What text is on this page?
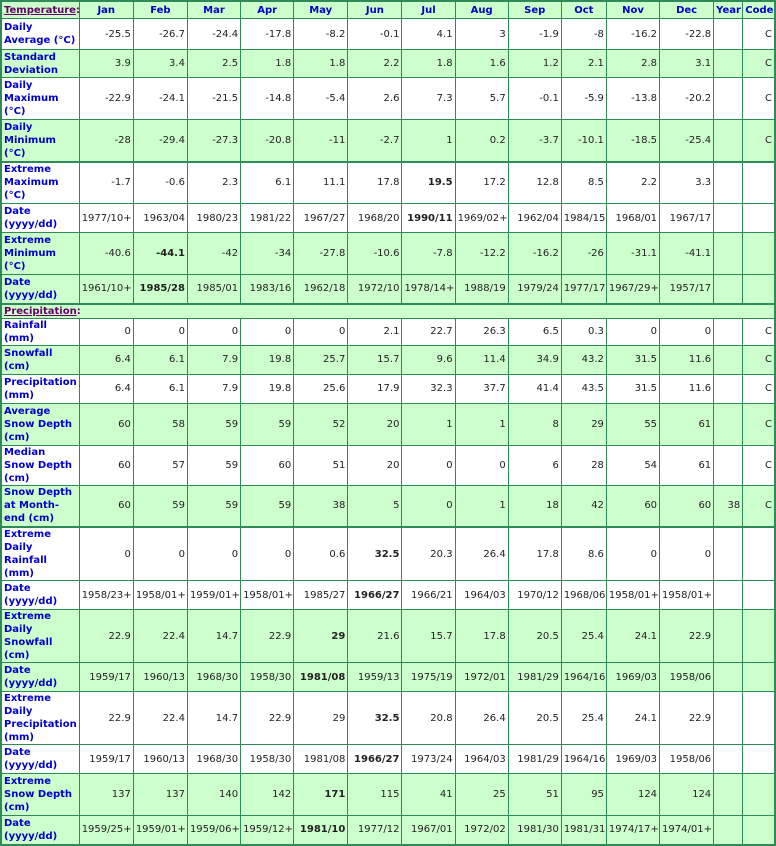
Temperature:	Jan	Feb	Mar	Apr	May	Jun	Jul	Aug	Sep	Oct	Nov	Dec	Year	Code
Daily Average (°C)	-25.5	-26.7	-24.4	-17.8	-8.2	-0.1	4.1	3	-1.9	-8	-16.2	-22.8		C
Standard Deviation	3.9	3.4	2.5	1.8	1.8	2.2	1.8	1.6	1.2	2.1	2.8	3.1		C
Daily Maximum (°C)	-22.9	-24.1	-21.5	-14.8	-5.4	2.6	7.3	5.7	-0.1	-5.9	-13.8	-20.2		C
Daily Minimum (°C)	-28	-29.4	-27.3	-20.8	-11	-2.7	1	0.2	-3.7	-10.1	-18.5	-25.4		C
Extreme Maximum (°C)	-1.7	-0.6	2.3	6.1	11.1	17.8	19.5	17.2	12.8	8.5	2.2	3.3		
Date (yyyy/dd)	1977/10+	1963/04	1980/23	1981/22	1967/27	1968/20	1990/11	1969/02+	1962/04	1984/15	1968/01	1967/17		
Extreme Minimum (°C)	-40.6	-44.1	-42	-34	-27.8	-10.6	-7.8	-12.2	-16.2	-26	-31.1	-41.1		
Date (yyyy/dd)	1961/10+	1985/28	1985/01	1983/16	1962/18	1972/10	1978/14+	1988/19	1979/24	1977/17	1967/29+	1957/17		
Precipitation:														
Rainfall (mm)	0	0	0	0	0	2.1	22.7	26.3	6.5	0.3	0	0		C
Snowfall (cm)	6.4	6.1	7.9	19.8	25.7	15.7	9.6	11.4	34.9	43.2	31.5	11.6		C
Precipitation (mm)	6.4	6.1	7.9	19.8	25.6	17.9	32.3	37.7	41.4	43.5	31.5	11.6		C
Average Snow Depth (cm)	60	58	59	59	52	20	1	1	8	29	55	61		C
Median Snow Depth (cm)	60	57	59	60	51	20	0	0	6	28	54	61		C
Snow Depth at Month-end (cm)	60	59	59	59	38	5	0	1	18	42	60	60	38	C
Extreme Daily Rainfall (mm)	0	0	0	0	0.6	32.5	20.3	26.4	17.8	8.6	0	0		
Date (yyyy/dd)	1958/23+	1958/01+	1959/01+	1958/01+	1985/27	1966/27	1966/21	1964/03	1970/12	1968/06	1958/01+	1958/01+		
Extreme Daily Snowfall (cm)	22.9	22.4	14.7	22.9	29	21.6	15.7	17.8	20.5	25.4	24.1	22.9		
Date (yyyy/dd)	1959/17	1960/13	1968/30	1958/30	1981/08	1959/13	1975/19	1972/01	1981/29	1964/16	1969/03	1958/06		
Extreme Daily Precipitation (mm)	22.9	22.4	14.7	22.9	29	32.5	20.8	26.4	20.5	25.4	24.1	22.9		
Date (yyyy/dd)	1959/17	1960/13	1968/30	1958/30	1981/08	1966/27	1973/24	1964/03	1981/29	1964/16	1969/03	1958/06		
Extreme Snow Depth (cm)	137	137	140	142	171	115	41	25	51	95	124	124		
Date (yyyy/dd)	1959/25+	1959/01+	1959/06+	1959/12+	1981/10	1977/12	1967/01	1972/02	1981/30	1981/31	1974/17+	1974/01+		
